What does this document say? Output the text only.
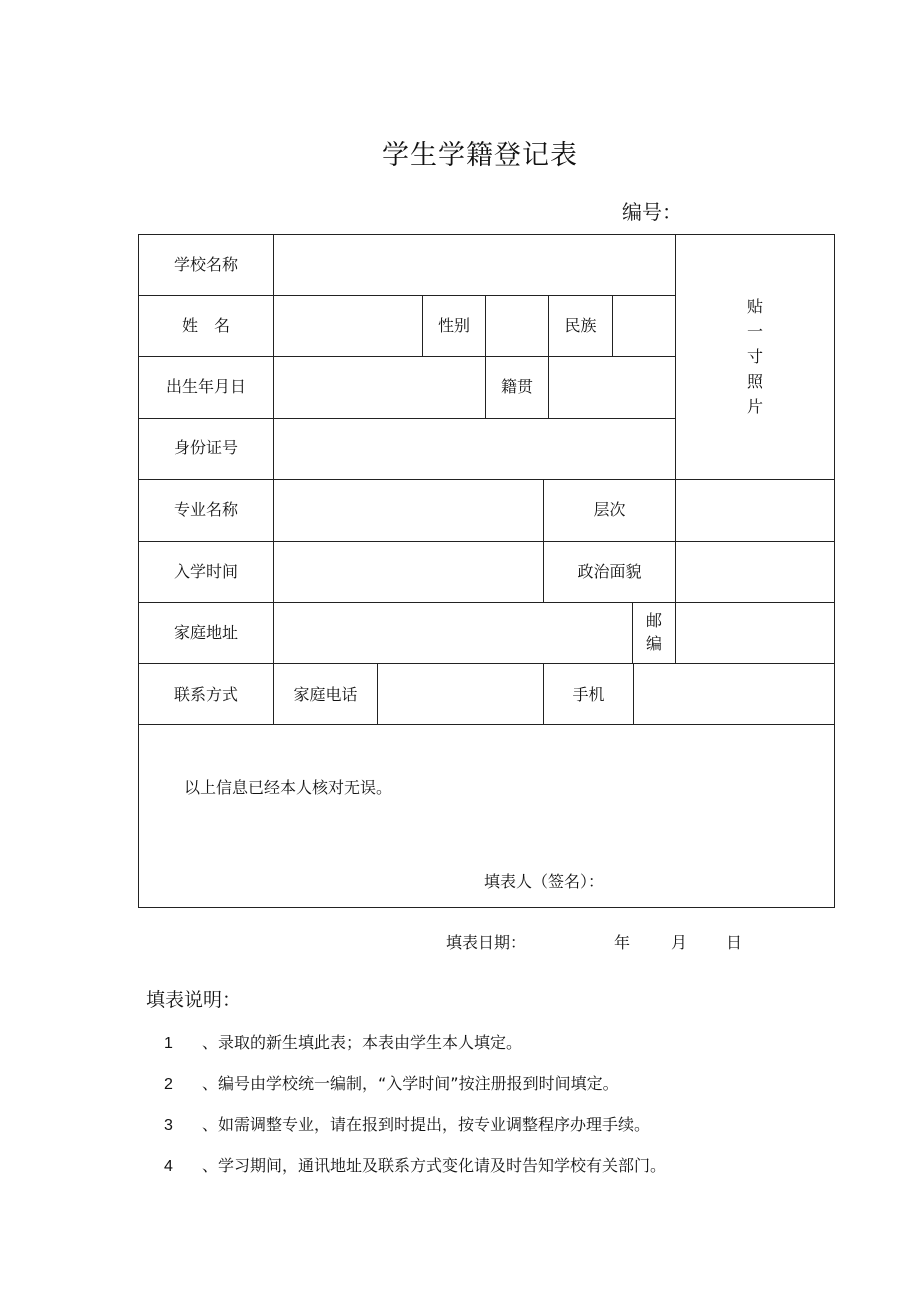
学生学籍登记表
编号：
学校名称
姓　名	性别	民族
出生年月日	籍贯
身份证号
贴
一
寸
照
片
专业名称	层次
入学时间	政治面貌
家庭地址
邮
编
联系方式	家庭电话	手机
以上信息已经本人核对无误。
填表人（签名）：
填表日期：	年	月 日
填表说明：
1 、录取的新生填此表；本表由学生本人填定。
2 、编号由学校统一编制，“入学时间”按注册报到时间填定。
3 、如需调整专业，请在报到时提出，按专业调整程序办理手续。
4 、学习期间，通讯地址及联系方式变化请及时告知学校有关部门。
